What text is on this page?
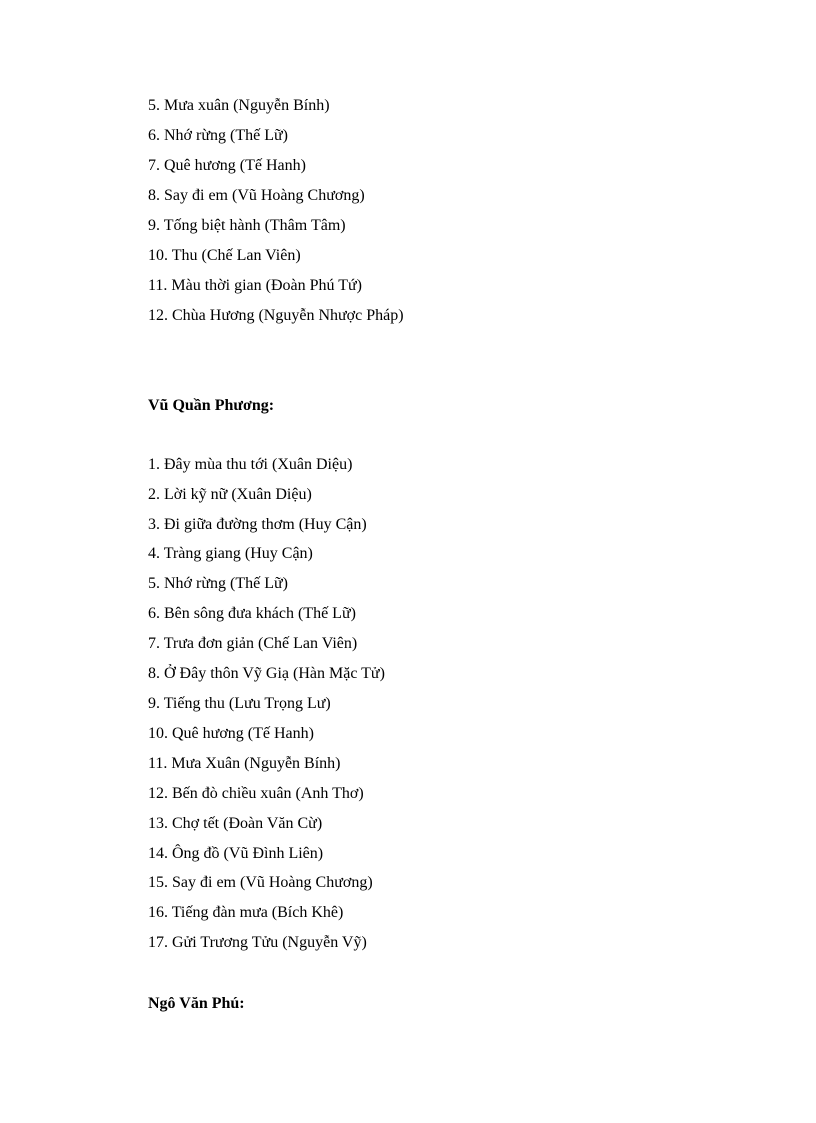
5. Mưa xuân (Nguyễn Bính)
6. Nhớ rừng (Thế Lữ)
7. Quê hương (Tế Hanh)
8. Say đi em (Vũ Hoàng Chương)
9. Tống biệt hành (Thâm Tâm)
10. Thu (Chế Lan Viên)
11. Màu thời gian (Đoàn Phú Tứ)
12. Chùa Hương (Nguyễn Nhược Pháp)
Vũ Quần Phương:
1. Đây mùa thu tới (Xuân Diệu)
2. Lời kỹ nữ (Xuân Diệu)
3. Đi giữa đường thơm (Huy Cận)
4. Tràng giang (Huy Cận)
5. Nhớ rừng (Thế Lữ)
6. Bên sông đưa khách (Thế Lữ)
7. Trưa đơn giản (Chế Lan Viên)
8. Ở Đây thôn Vỹ Giạ (Hàn Mặc Tử)
9. Tiếng thu (Lưu Trọng Lư)
10. Quê hương (Tế Hanh)
11. Mưa Xuân (Nguyễn Bính)
12. Bến đò chiều xuân (Anh Thơ)
13. Chợ tết (Đoàn Văn Cừ)
14. Ông đồ (Vũ Đình Liên)
15. Say đi em (Vũ Hoàng Chương)
16. Tiếng đàn mưa (Bích Khê)
17. Gửi Trương Tửu (Nguyễn Vỹ)
Ngô Văn Phú:
